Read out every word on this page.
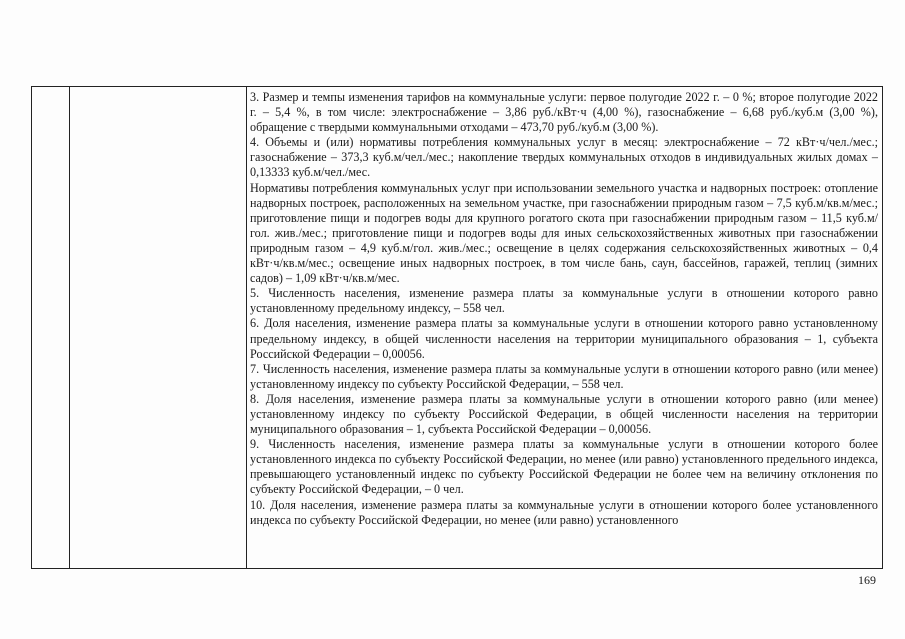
3. Размер и темпы изменения тарифов на коммунальные услуги: первое полугодие 2022 г. – 0 %; второе полугодие 2022 г. – 5,4 %, в том числе: электроснабжение – 3,86 руб./кВт·ч (4,00 %), газоснабжение – 6,68 руб./куб.м (3,00 %), обращение с твердыми коммунальными отходами – 473,70 руб./куб.м (3,00 %).

4. Объемы и (или) нормативы потребления коммунальных услуг в месяц: электроснабжение – 72 кВт·ч/чел./мес.; газоснабжение – 373,3 куб.м/чел./мес.; накопление твердых коммунальных отходов в индивидуальных жилых домах – 0,13333 куб.м/чел./мес.

Нормативы потребления коммунальных услуг при использовании земельного участка и надворных построек: отопление надворных построек, расположенных на земельном участке, при газоснабжении природным газом – 7,5 куб.м/кв.м/мес.; приготовление пищи и подогрев воды для крупного рогатого скота при газоснабжении природным газом – 11,5 куб.м/гол. жив./мес.; приготовление пищи и подогрев воды для иных сельскохозяйственных животных при газоснабжении природным газом – 4,9 куб.м/гол. жив./мес.; освещение в целях содержания сельскохозяйственных животных – 0,4 кВт·ч/кв.м/мес.; освещение иных надворных построек, в том числе бань, саун, бассейнов, гаражей, теплиц (зимних садов) – 1,09 кВт·ч/кв.м/мес.

5. Численность населения, изменение размера платы за коммунальные услуги в отношении которого равно установленному предельному индексу, – 558 чел.

6. Доля населения, изменение размера платы за коммунальные услуги в отношении которого равно установленному предельному индексу, в общей численности населения на территории муниципального образования – 1, субъекта Российской Федерации – 0,00056.

7. Численность населения, изменение размера платы за коммунальные услуги в отношении которого равно (или менее) установленному индексу по субъекту Российской Федерации, – 558 чел.

8. Доля населения, изменение размера платы за коммунальные услуги в отношении которого равно (или менее) установленному индексу по субъекту Российской Федерации, в общей численности населения на территории муниципального образования – 1, субъекта Российской Федерации – 0,00056.

9. Численность населения, изменение размера платы за коммунальные услуги в отношении которого более установленного индекса по субъекту Российской Федерации, но менее (или равно) установленного предельного индекса, превышающего установленный индекс по субъекту Российской Федерации не более чем на величину отклонения по субъекту Российской Федерации, – 0 чел.

10. Доля населения, изменение размера платы за коммунальные услуги в отношении которого более установленного индекса по субъекту Российской Федерации, но менее (или равно) установленного

169
